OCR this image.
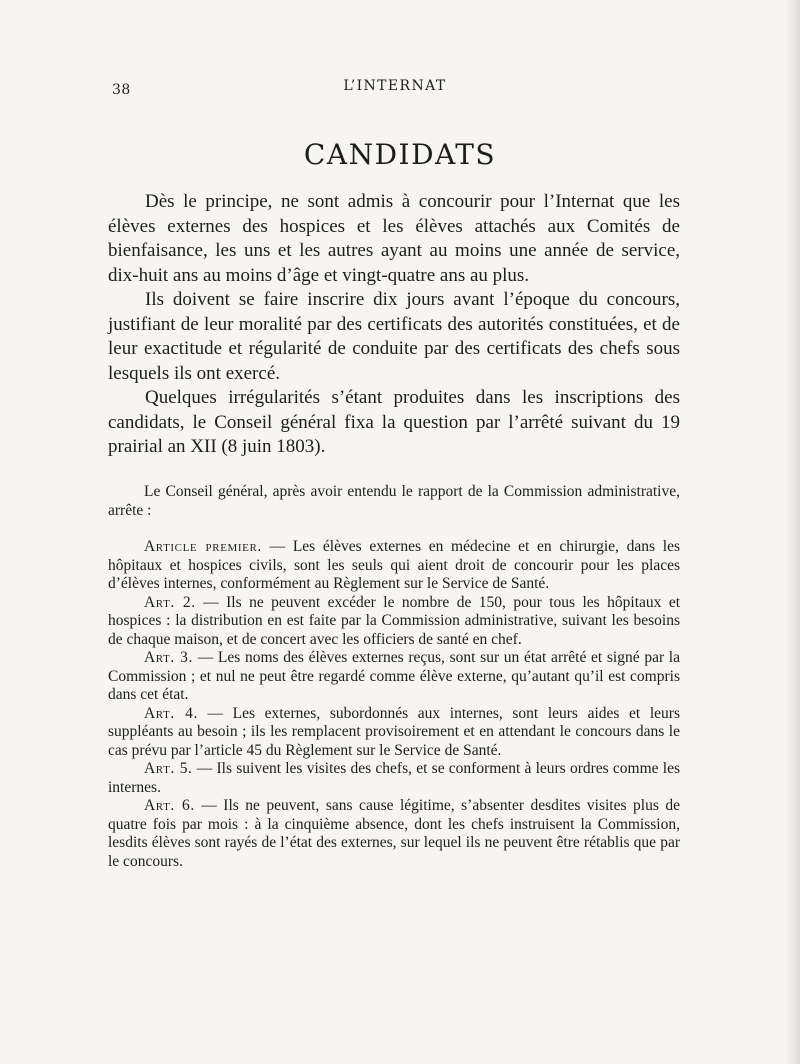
38	L’INTERNAT
CANDIDATS

Dès le principe, ne sont admis à concourir pour l’Internat que les élèves externes des hospices et les élèves attachés aux Comités de bienfaisance, les uns et les autres ayant au moins une année de service, dix-huit ans au moins d’âge et vingt-quatre ans au plus.

Ils doivent se faire inscrire dix jours avant l’époque du concours, justifiant de leur moralité par des certificats des autorités constituées, et de leur exactitude et régularité de conduite par des certificats des chefs sous lesquels ils ont exercé.

Quelques irrégularités s’étant produites dans les inscriptions des candidats, le Conseil général fixa la question par l’arrêté suivant du 19 prairial an XII (8 juin 1803).

Le Conseil général, après avoir entendu le rapport de la Commission administrative, arrête :

Article premier. — Les élèves externes en médecine et en chirurgie, dans les hôpitaux et hospices civils, sont les seuls qui aient droit de concourir pour les places d’élèves internes, conformément au Règlement sur le Service de Santé.

Art. 2. — Ils ne peuvent excéder le nombre de 150, pour tous les hôpitaux et hospices : la distribution en est faite par la Commission administrative, suivant les besoins de chaque maison, et de concert avec les officiers de santé en chef.

Art. 3. — Les noms des élèves externes reçus, sont sur un état arrêté et signé par la Commission ; et nul ne peut être regardé comme élève externe, qu’autant qu’il est compris dans cet état.

Art. 4. — Les externes, subordonnés aux internes, sont leurs aides et leurs suppléants au besoin ; ils les remplacent provisoirement et en attendant le concours dans le cas prévu par l’article 45 du Règlement sur le Service de Santé.

Art. 5. — Ils suivent les visites des chefs, et se conforment à leurs ordres comme les internes.

Art. 6. — Ils ne peuvent, sans cause légitime, s’absenter desdites visites plus de quatre fois par mois : à la cinquième absence, dont les chefs instruisent la Commission, lesdits élèves sont rayés de l’état des externes, sur lequel ils ne peuvent être rétablis que par le concours.
